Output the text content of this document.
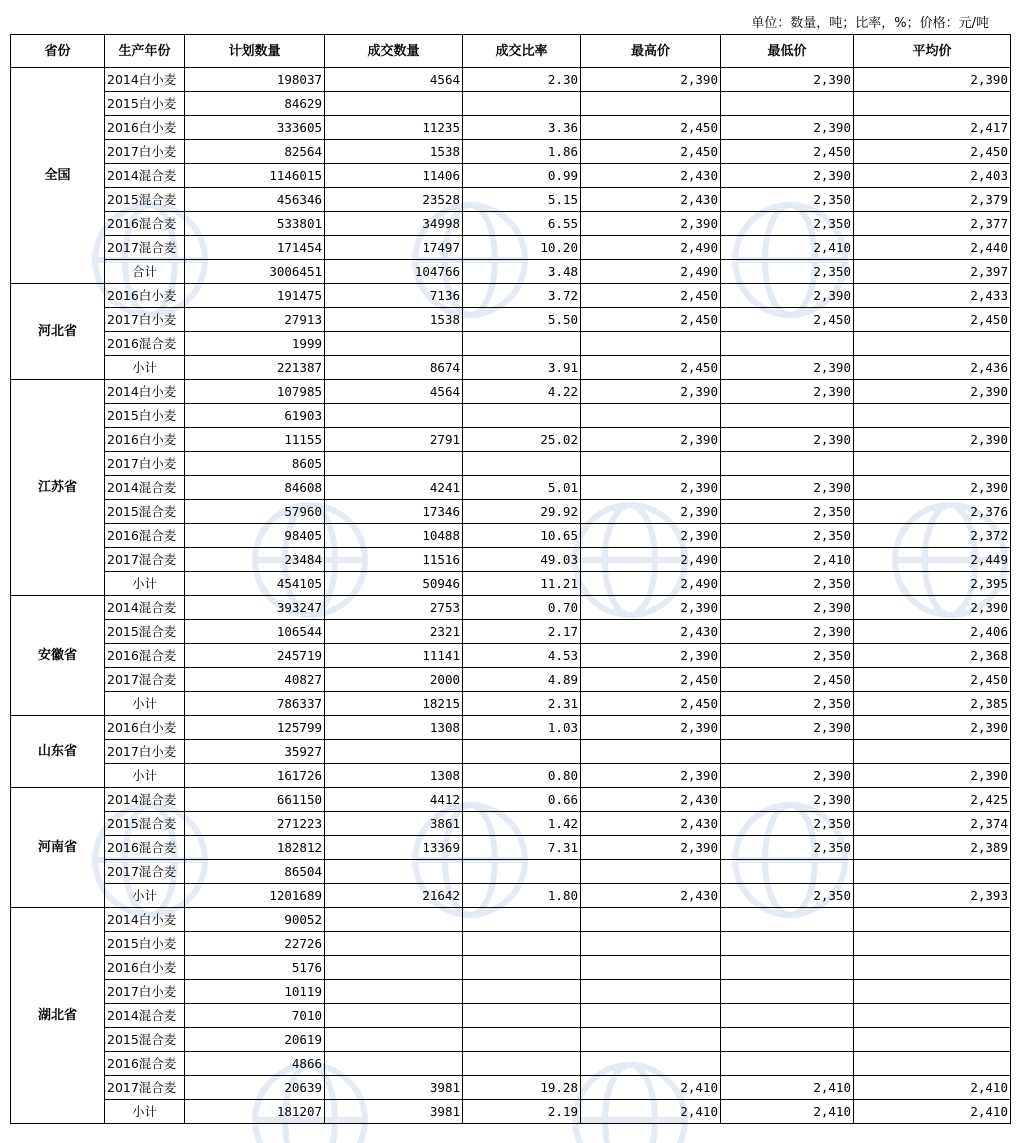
单位：数量，吨；比率，%；价格：元/吨
省份	生产年份	计划数量	成交数量	成交比率	最高价	最低价	平均价
全国	2014白小麦	198037	4564	2.30	2,390	2,390	2,390
	2015白小麦	84629					
	2016白小麦	333605	11235	3.36	2,450	2,390	2,417
	2017白小麦	82564	1538	1.86	2,450	2,450	2,450
	2014混合麦	1146015	11406	0.99	2,430	2,390	2,403
	2015混合麦	456346	23528	5.15	2,430	2,350	2,379
	2016混合麦	533801	34998	6.55	2,390	2,350	2,377
	2017混合麦	171454	17497	10.20	2,490	2,410	2,440
	合计	3006451	104766	3.48	2,490	2,350	2,397
河北省	2016白小麦	191475	7136	3.72	2,450	2,390	2,433
	2017白小麦	27913	1538	5.50	2,450	2,450	2,450
	2016混合麦	1999					
	小计	221387	8674	3.91	2,450	2,390	2,436
江苏省	2014白小麦	107985	4564	4.22	2,390	2,390	2,390
	2015白小麦	61903					
	2016白小麦	11155	2791	25.02	2,390	2,390	2,390
	2017白小麦	8605					
	2014混合麦	84608	4241	5.01	2,390	2,390	2,390
	2015混合麦	57960	17346	29.92	2,390	2,350	2,376
	2016混合麦	98405	10488	10.65	2,390	2,350	2,372
	2017混合麦	23484	11516	49.03	2,490	2,410	2,449
	小计	454105	50946	11.21	2,490	2,350	2,395
安徽省	2014混合麦	393247	2753	0.70	2,390	2,390	2,390
	2015混合麦	106544	2321	2.17	2,430	2,390	2,406
	2016混合麦	245719	11141	4.53	2,390	2,350	2,368
	2017混合麦	40827	2000	4.89	2,450	2,450	2,450
	小计	786337	18215	2.31	2,450	2,350	2,385
山东省	2016白小麦	125799	1308	1.03	2,390	2,390	2,390
	2017白小麦	35927					
	小计	161726	1308	0.80	2,390	2,390	2,390
河南省	2014混合麦	661150	4412	0.66	2,430	2,390	2,425
	2015混合麦	271223	3861	1.42	2,430	2,350	2,374
	2016混合麦	182812	13369	7.31	2,390	2,350	2,389
	2017混合麦	86504					
	小计	1201689	21642	1.80	2,430	2,350	2,393
湖北省	2014白小麦	90052					
	2015白小麦	22726					
	2016白小麦	5176					
	2017白小麦	10119					
	2014混合麦	7010					
	2015混合麦	20619					
	2016混合麦	4866					
	2017混合麦	20639	3981	19.28	2,410	2,410	2,410
	小计	181207	3981	2.19	2,410	2,410	2,410
